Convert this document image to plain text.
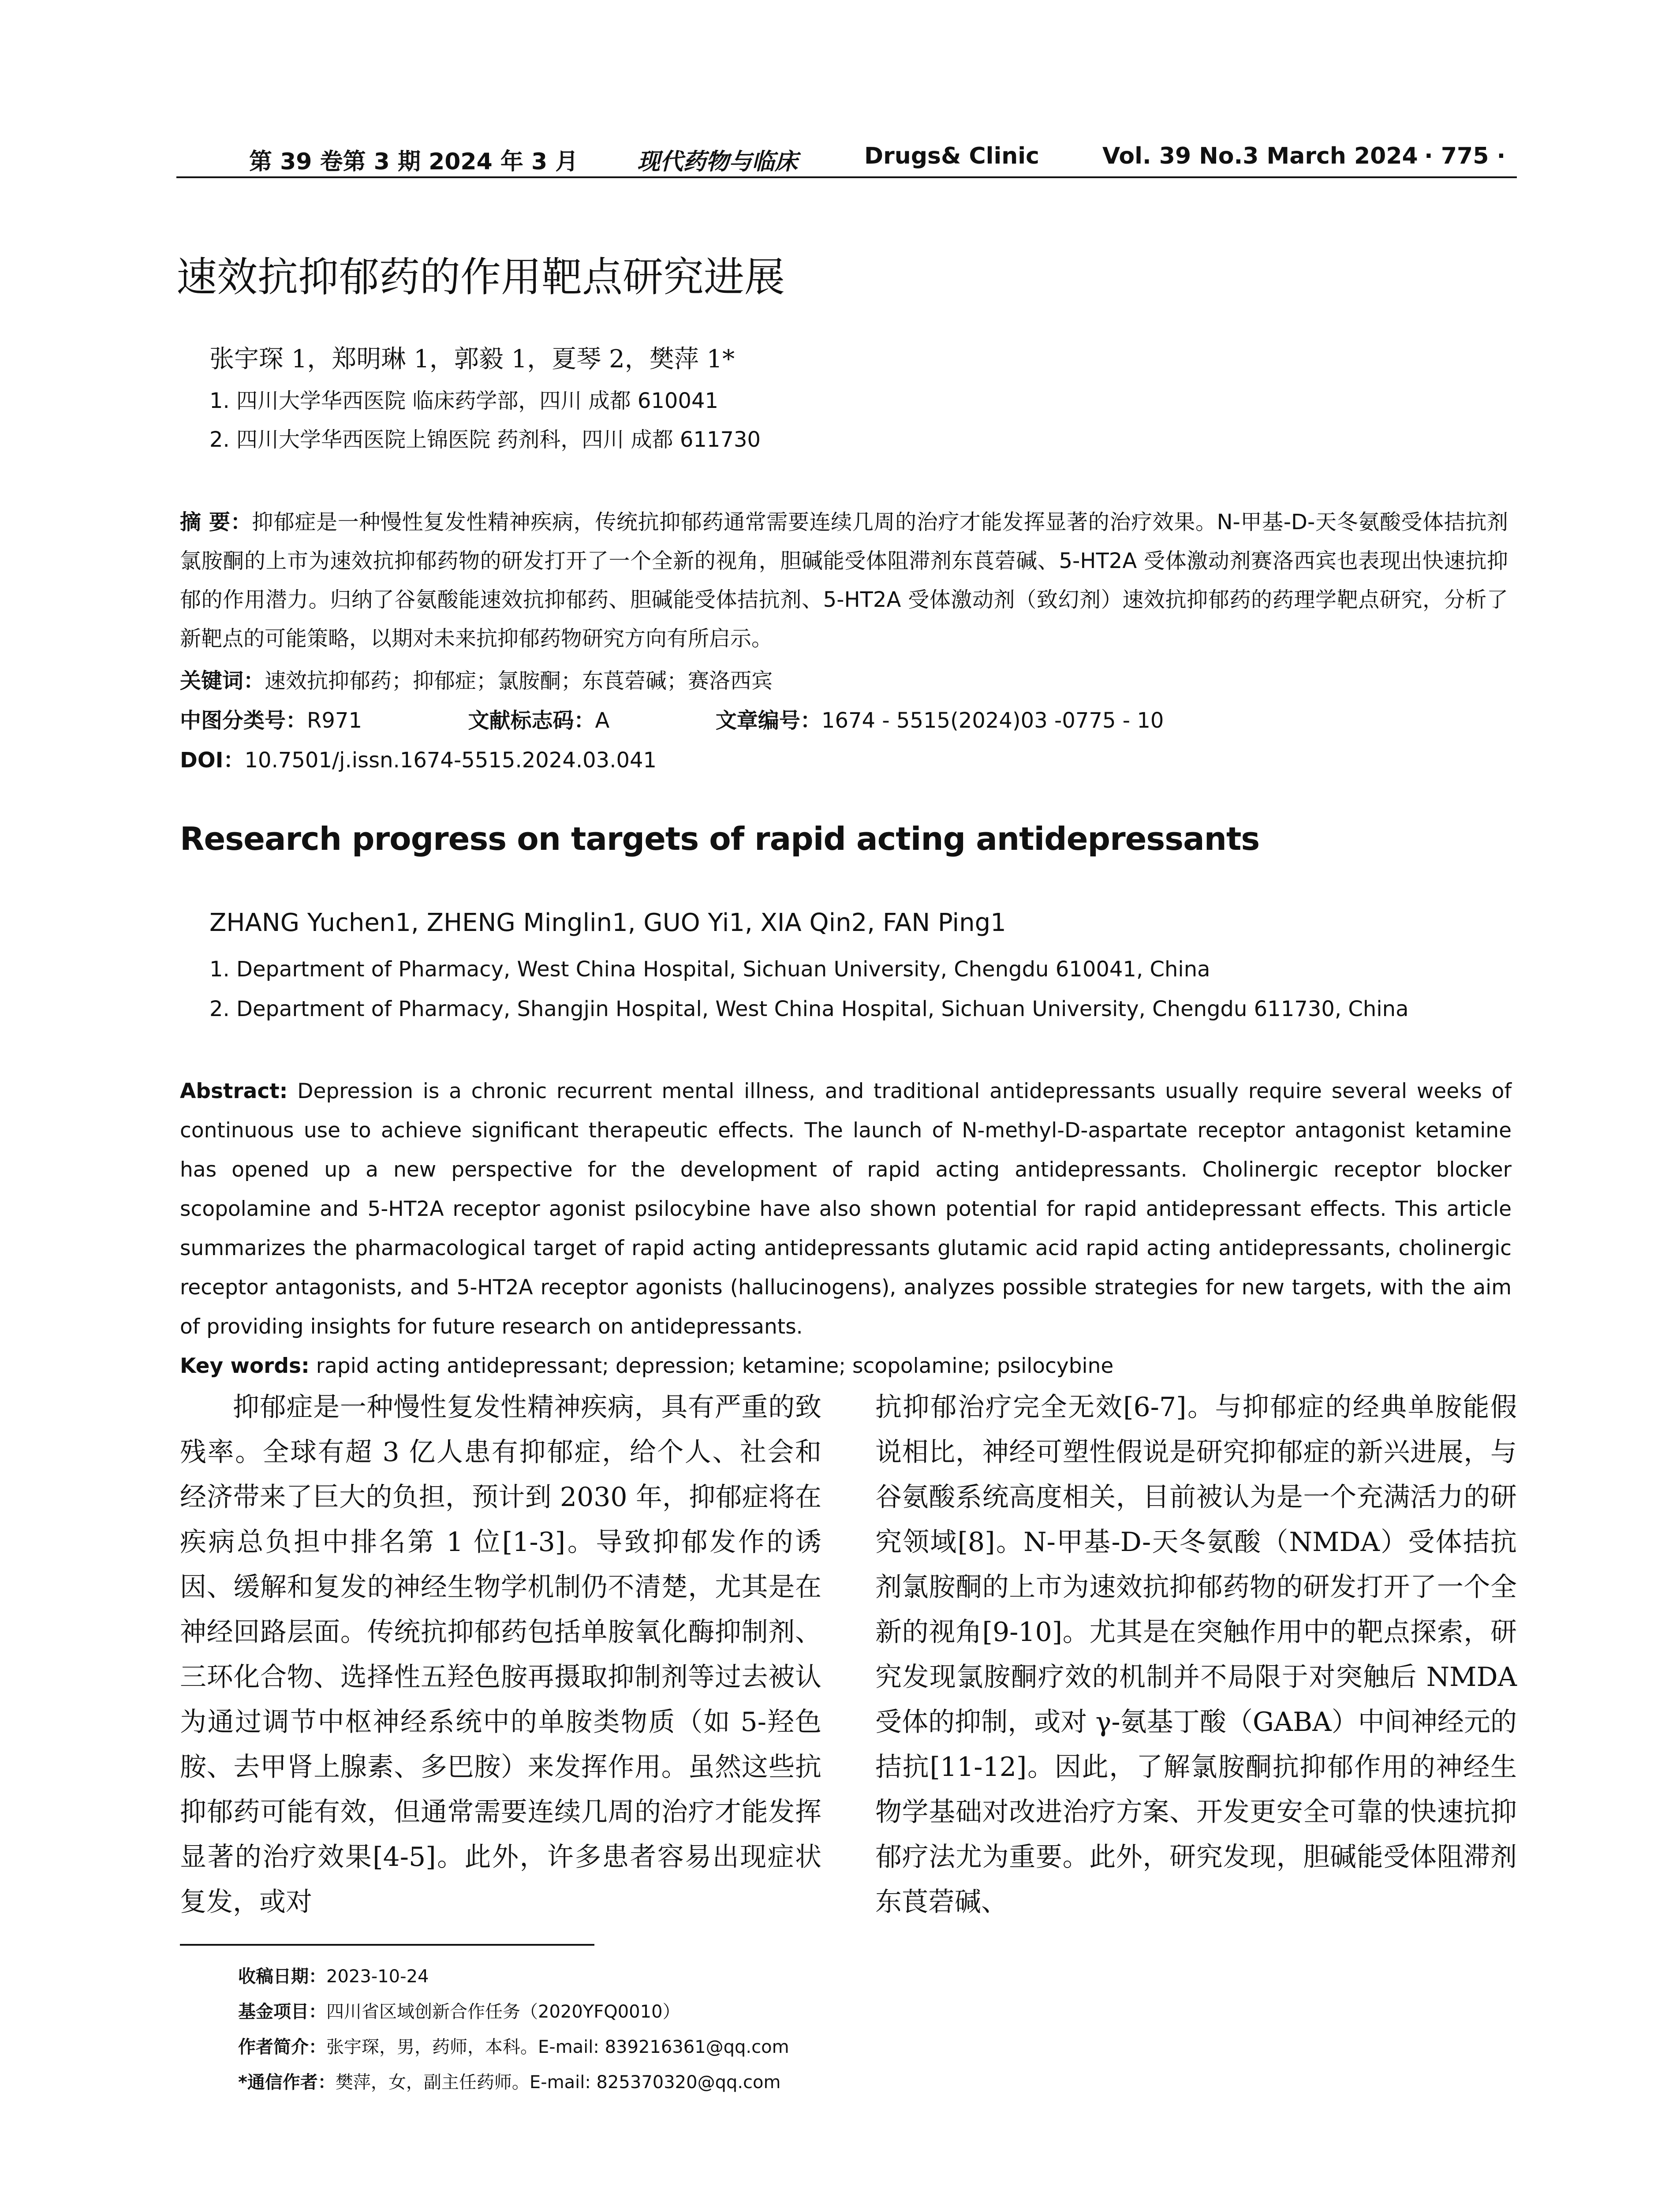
第 39 卷第 3 期 2024 年 3 月	现代药物与临床	Drugs& Clinic	Vol. 39 No.3 March 2024 · 775 ·
速效抗抑郁药的作用靶点研究进展
张宇琛 1，郑明琳 1，郭毅 1，夏琴 2，樊萍 1*
1. 四川大学华西医院 临床药学部，四川 成都 610041
2. 四川大学华西医院上锦医院 药剂科，四川 成都 611730
摘 要：抑郁症是一种慢性复发性精神疾病，传统抗抑郁药通常需要连续几周的治疗才能发挥显著的治疗效果。N-甲基-D-天冬氨酸受体拮抗剂氯胺酮的上市为速效抗抑郁药物的研发打开了一个全新的视角，胆碱能受体阻滞剂东莨菪碱、5-HT2A 受体激动剂赛洛西宾也表现出快速抗抑郁的作用潜力。归纳了谷氨酸能速效抗抑郁药、胆碱能受体拮抗剂、5-HT2A 受体激动剂（致幻剂）速效抗抑郁药的药理学靶点研究，分析了新靶点的可能策略，以期对未来抗抑郁药物研究方向有所启示。
关键词：速效抗抑郁药；抑郁症；氯胺酮；东莨菪碱；赛洛西宾
中图分类号：R971	文献标志码：A	文章编号：1674 - 5515(2024)03 -0775 - 10
DOI：10.7501/j.issn.1674-5515.2024.03.041
Research progress on targets of rapid acting antidepressants
ZHANG Yuchen1, ZHENG Minglin1, GUO Yi1, XIA Qin2, FAN Ping1
1. Department of Pharmacy, West China Hospital, Sichuan University, Chengdu 610041, China
2. Department of Pharmacy, Shangjin Hospital, West China Hospital, Sichuan University, Chengdu 611730, China
Abstract: Depression is a chronic recurrent mental illness, and traditional antidepressants usually require several weeks of continuous use to achieve significant therapeutic effects. The launch of N-methyl-D-aspartate receptor antagonist ketamine has opened up a new perspective for the development of rapid acting antidepressants. Cholinergic receptor blocker scopolamine and 5-HT2A receptor agonist psilocybine have also shown potential for rapid antidepressant effects. This article summarizes the pharmacological target of rapid acting antidepressants glutamic acid rapid acting antidepressants, cholinergic receptor antagonists, and 5-HT2A receptor agonists (hallucinogens), analyzes possible strategies for new targets, with the aim of providing insights for future research on antidepressants.
Key words: rapid acting antidepressant; depression; ketamine; scopolamine; psilocybine
抑郁症是一种慢性复发性精神疾病，具有严重的致残率。全球有超 3 亿人患有抑郁症，给个人、社会和经济带来了巨大的负担，预计到 2030 年，抑郁症将在疾病总负担中排名第 1 位[1-3]。导致抑郁发作的诱因、缓解和复发的神经生物学机制仍不清楚，尤其是在神经回路层面。传统抗抑郁药包括单胺氧化酶抑制剂、三环化合物、选择性五羟色胺再摄取抑制剂等过去被认为通过调节中枢神经系统中的单胺类物质（如 5-羟色胺、去甲肾上腺素、多巴胺）来发挥作用。虽然这些抗抑郁药可能有效，但通常需要连续几周的治疗才能发挥显著的治疗效果[4-5]。此外，许多患者容易出现症状复发，或对
抗抑郁治疗完全无效[6-7]。与抑郁症的经典单胺能假说相比，神经可塑性假说是研究抑郁症的新兴进展，与谷氨酸系统高度相关，目前被认为是一个充满活力的研究领域[8]。N-甲基-D-天冬氨酸（NMDA）受体拮抗剂氯胺酮的上市为速效抗抑郁药物的研发打开了一个全新的视角[9-10]。尤其是在突触作用中的靶点探索，研究发现氯胺酮疗效的机制并不局限于对突触后 NMDA 受体的抑制，或对 γ-氨基丁酸（GABA）中间神经元的拮抗[11-12]。因此，了解氯胺酮抗抑郁作用的神经生物学基础对改进治疗方案、开发更安全可靠的快速抗抑郁疗法尤为重要。此外，研究发现，胆碱能受体阻滞剂东莨菪碱、
收稿日期：2023-10-24
基金项目：四川省区域创新合作任务（2020YFQ0010）
作者简介：张宇琛，男，药师，本科。E-mail: 839216361@qq.com
*通信作者：樊萍，女，副主任药师。E-mail: 825370320@qq.com
